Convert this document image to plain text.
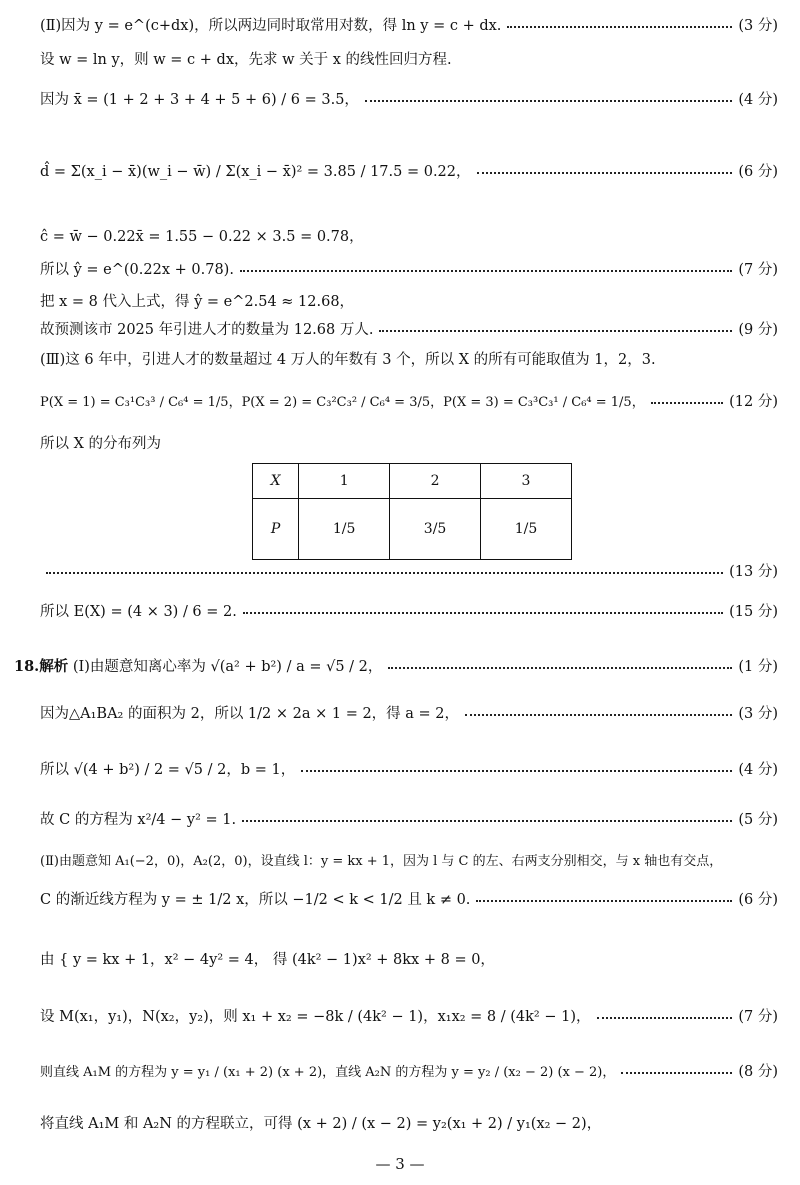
(Ⅱ)因为 y = e^(c+dx)，所以两边同时取常用对数，得 ln y = c + dx.	(3 分)
设 w = ln y，则 w = c + dx，先求 w 关于 x 的线性回归方程.
因为 x̄ = (1 + 2 + 3 + 4 + 5 + 6) / 6 = 3.5，	(4 分)
d̂ = Σ(x_i − x̄)(w_i − w̄) / Σ(x_i − x̄)² = 3.85 / 17.5 = 0.22，	(6 分)
ĉ = w̄ − 0.22x̄ = 1.55 − 0.22 × 3.5 = 0.78，
所以 ŷ = e^(0.22x + 0.78).	(7 分)
把 x = 8 代入上式，得 ŷ = e^2.54 ≈ 12.68，
故预测该市 2025 年引进人才的数量为 12.68 万人.	(9 分)
(Ⅲ)这 6 年中，引进人才的数量超过 4 万人的年数有 3 个，所以 X 的所有可能取值为 1，2，3.
P(X = 1) = C₃¹C₃³ / C₆⁴ = 1/5，P(X = 2) = C₃²C₃² / C₆⁴ = 3/5，P(X = 3) = C₃³C₃¹ / C₆⁴ = 1/5，	(12 分)
所以 X 的分布列为
X	1	2	3
P	1/5	3/5	1/5
(13 分)
所以 E(X) = (4 × 3) / 6 = 2.	(15 分)
18.解析 (Ⅰ)由题意知离心率为 √(a² + b²) / a = √5 / 2，	(1 分)
因为△A₁BA₂ 的面积为 2，所以 1/2 × 2a × 1 = 2，得 a = 2，	(3 分)
所以 √(4 + b²) / 2 = √5 / 2，b = 1，	(4 分)
故 C 的方程为 x²/4 − y² = 1.	(5 分)
(Ⅱ)由题意知 A₁(−2，0)，A₂(2，0)，设直线 l：y = kx + 1，因为 l 与 C 的左、右两支分别相交，与 x 轴也有交点，
C 的渐近线方程为 y = ± 1/2 x，所以 −1/2 < k < 1/2 且 k ≠ 0.	(6 分)
由 { y = kx + 1，x² − 4y² = 4， 得 (4k² − 1)x² + 8kx + 8 = 0，
设 M(x₁，y₁)，N(x₂，y₂)，则 x₁ + x₂ = −8k / (4k² − 1)，x₁x₂ = 8 / (4k² − 1)，	(7 分)
则直线 A₁M 的方程为 y = y₁ / (x₁ + 2) (x + 2)，直线 A₂N 的方程为 y = y₂ / (x₂ − 2) (x − 2)，	(8 分)
将直线 A₁M 和 A₂N 的方程联立，可得 (x + 2) / (x − 2) = y₂(x₁ + 2) / y₁(x₂ − 2)，
— 3 —
